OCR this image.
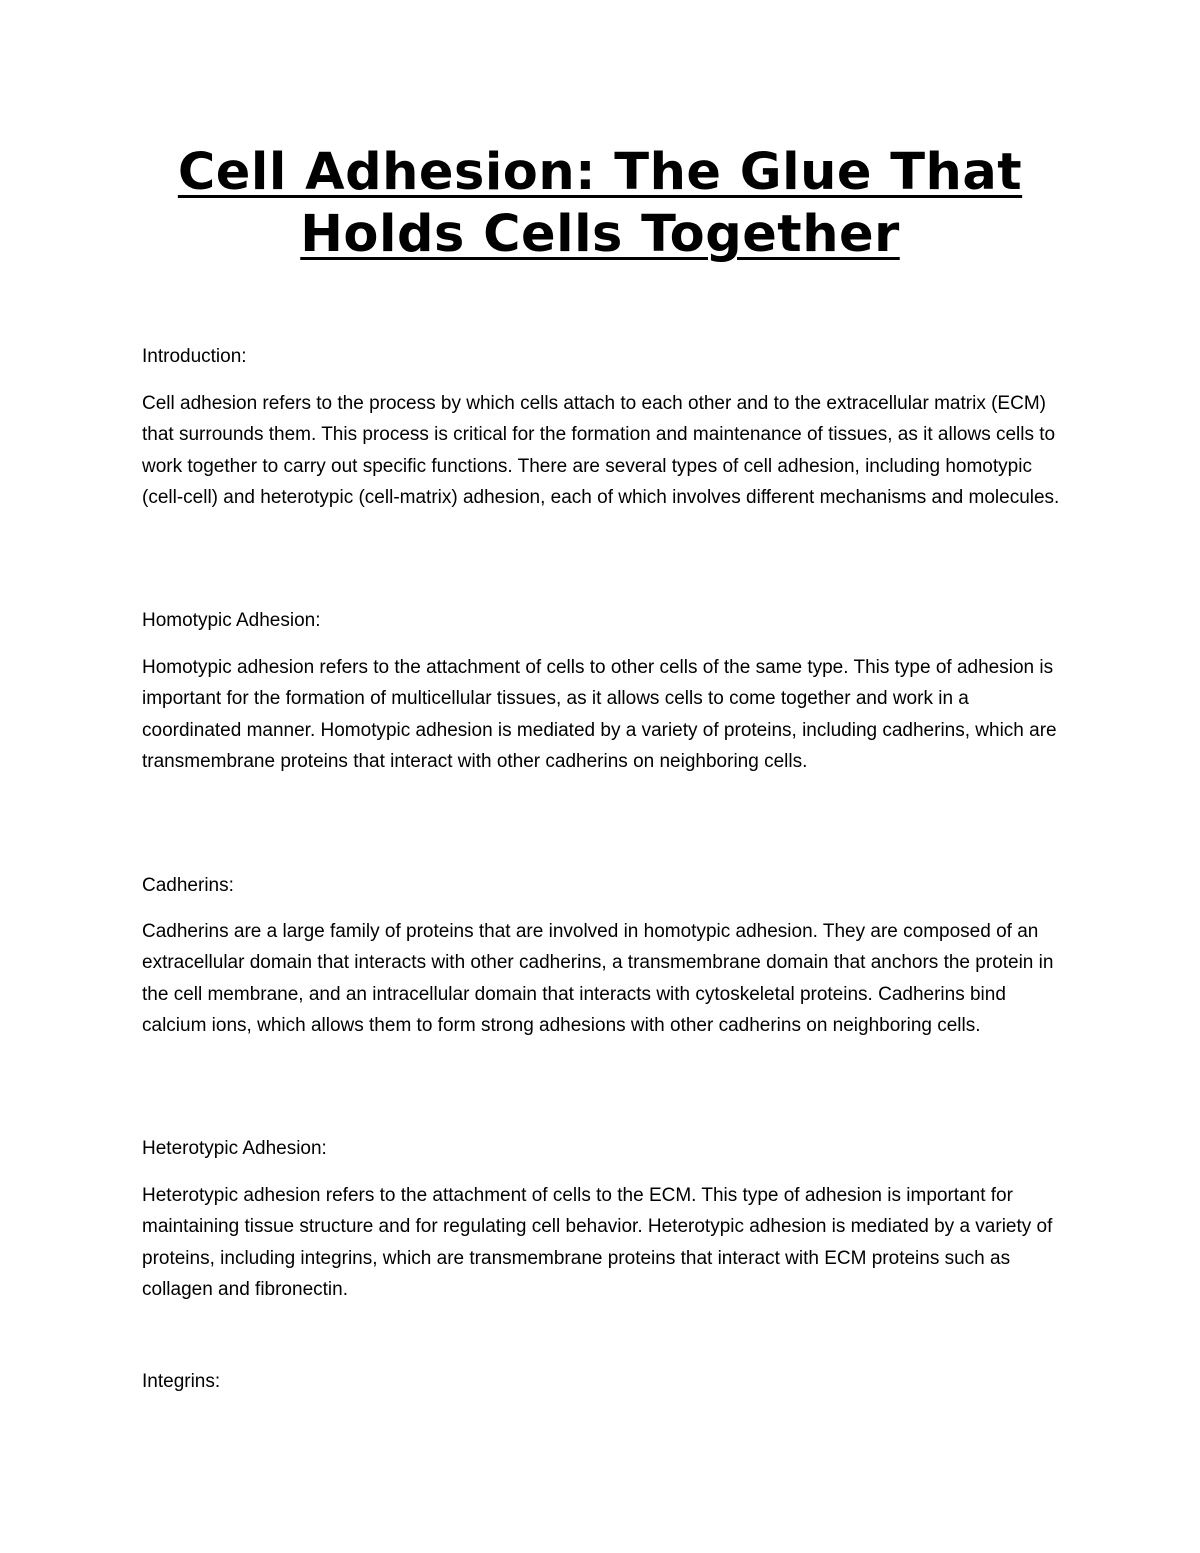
Cell Adhesion: The Glue That Holds Cells Together

Introduction:

Cell adhesion refers to the process by which cells attach to each other and to the extracellular matrix (ECM) that surrounds them. This process is critical for the formation and maintenance of tissues, as it allows cells to work together to carry out specific functions. There are several types of cell adhesion, including homotypic (cell-cell) and heterotypic (cell-matrix) adhesion, each of which involves different mechanisms and molecules.

Homotypic Adhesion:

Homotypic adhesion refers to the attachment of cells to other cells of the same type. This type of adhesion is important for the formation of multicellular tissues, as it allows cells to come together and work in a coordinated manner. Homotypic adhesion is mediated by a variety of proteins, including cadherins, which are transmembrane proteins that interact with other cadherins on neighboring cells.

Cadherins:

Cadherins are a large family of proteins that are involved in homotypic adhesion. They are composed of an extracellular domain that interacts with other cadherins, a transmembrane domain that anchors the protein in the cell membrane, and an intracellular domain that interacts with cytoskeletal proteins. Cadherins bind calcium ions, which allows them to form strong adhesions with other cadherins on neighboring cells.

Heterotypic Adhesion:

Heterotypic adhesion refers to the attachment of cells to the ECM. This type of adhesion is important for maintaining tissue structure and for regulating cell behavior. Heterotypic adhesion is mediated by a variety of proteins, including integrins, which are transmembrane proteins that interact with ECM proteins such as collagen and fibronectin.

Integrins:
